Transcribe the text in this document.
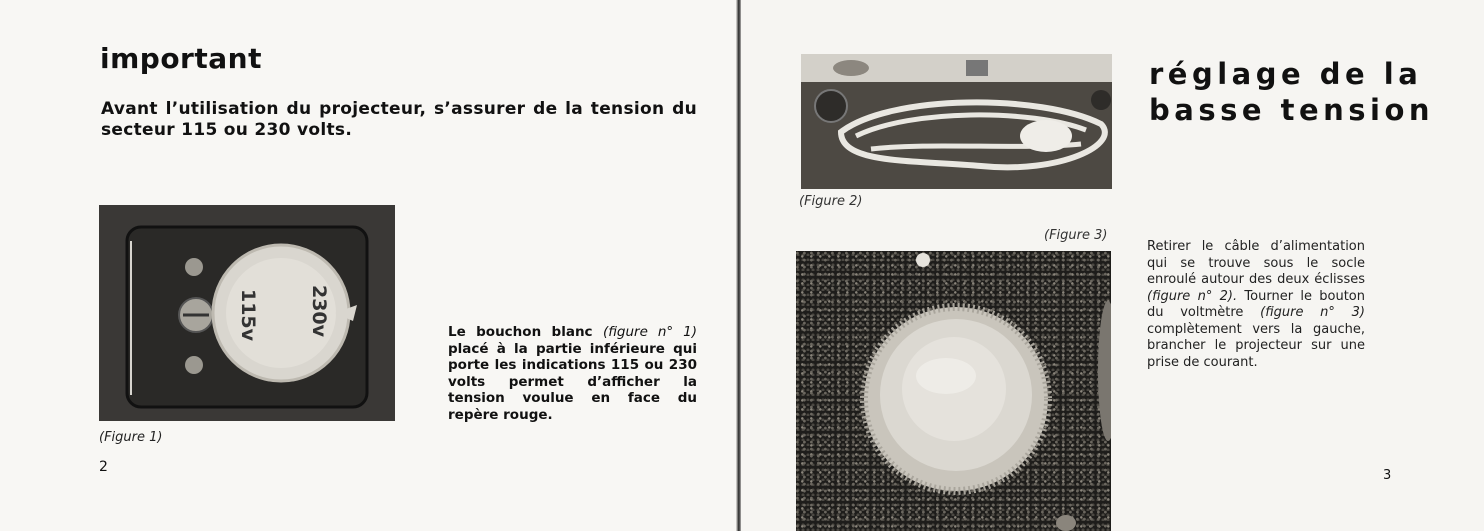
important
Avant l’utilisation du projecteur, s’assurer de la tension du secteur 115 ou 230 volts.
115v	230v
(Figure 1)
Le bouchon blanc (figure n° 1) placé à la partie inférieure qui porte les indications 115 ou 230 volts permet d’afficher la tension voulue en face du repère rouge.
2
(Figure 2)
(Figure 3)
réglage de la
basse tension
Retirer le câble d’alimentation qui se trouve sous le socle enroulé autour des deux éclisses (figure n° 2). Tourner le bouton du voltmètre (figure n° 3) complètement vers la gauche, brancher le projecteur sur une prise de courant.
3
